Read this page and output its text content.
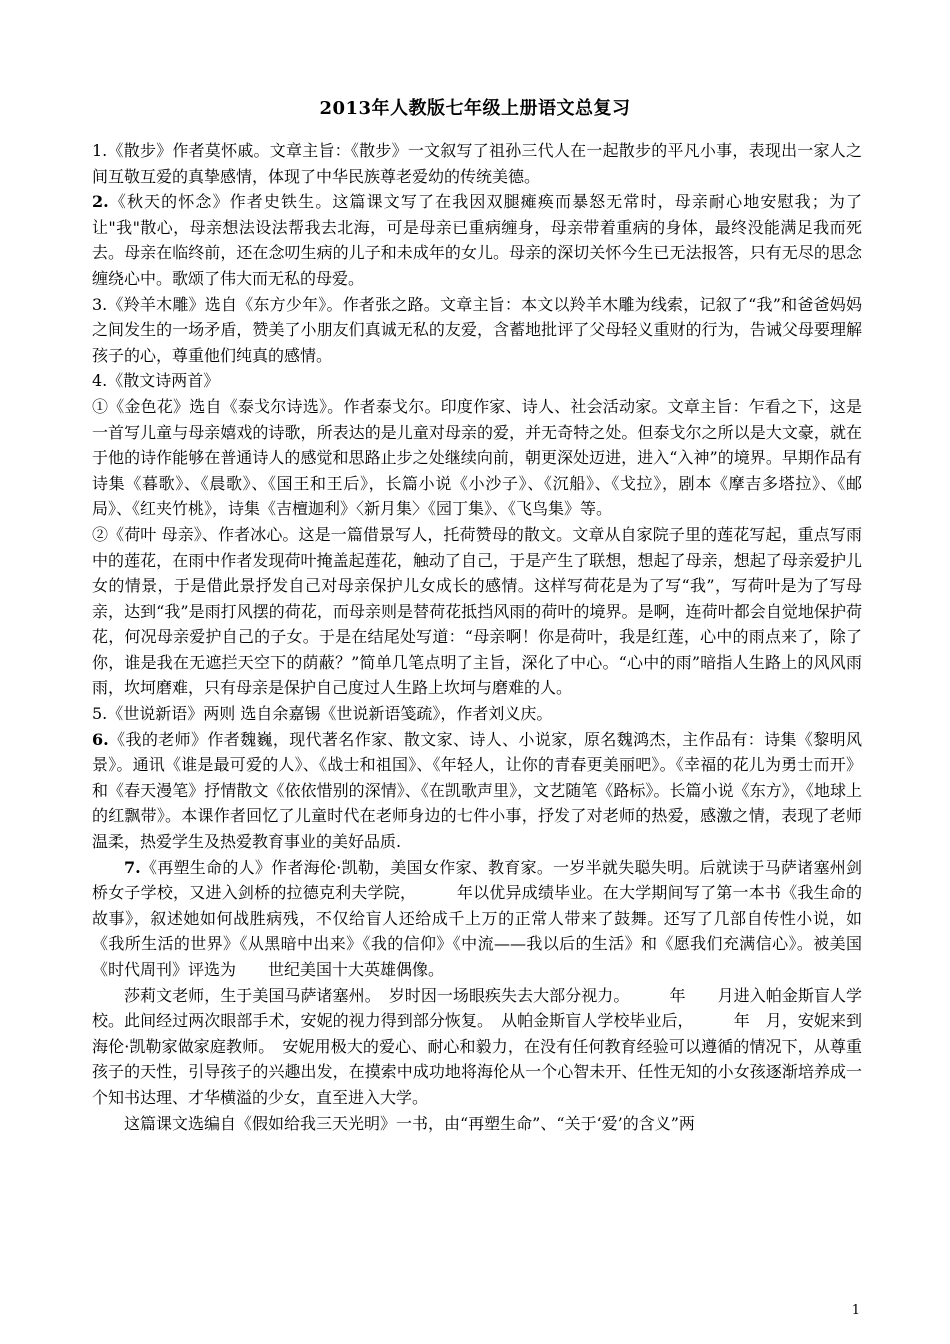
2013年人教版七年级上册语文总复习

1.《散步》作者莫怀戚。文章主旨：《散步》一文叙写了祖孙三代人在一起散步的平凡小事，表现出一家人之间互敬互爱的真挚感情，体现了中华民族尊老爱幼的传统美德。

2.《秋天的怀念》作者史铁生。这篇课文写了在我因双腿瘫痪而暴怒无常时，母亲耐心地安慰我；为了让"我"散心，母亲想法设法帮我去北海，可是母亲已重病缠身，母亲带着重病的身体，最终没能满足我而死去。母亲在临终前，还在念叨生病的儿子和未成年的女儿。母亲的深切关怀今生已无法报答，只有无尽的思念缠绕心中。歌颂了伟大而无私的母爱。

3.《羚羊木雕》选自《东方少年》。作者张之路。文章主旨：本文以羚羊木雕为线索，记叙了“我”和爸爸妈妈之间发生的一场矛盾，赞美了小朋友们真诚无私的友爱，含蓄地批评了父母轻义重财的行为，告诫父母要理解孩子的心，尊重他们纯真的感情。

4.《散文诗两首》

①《金色花》选自《泰戈尔诗选》。作者泰戈尔。印度作家、诗人、社会活动家。文章主旨：乍看之下，这是一首写儿童与母亲嬉戏的诗歌，所表达的是儿童对母亲的爱，并无奇特之处。但泰戈尔之所以是大文豪，就在于他的诗作能够在普通诗人的感觉和思路止步之处继续向前，朝更深处迈进，进入“入神”的境界。早期作品有诗集《暮歌》、《晨歌》、《国王和王后》，长篇小说《小沙子》、《沉船》、《戈拉》，剧本《摩吉多塔拉》、《邮局》、《红夹竹桃》，诗集《吉檀迦利》〈新月集〉《园丁集》、《飞鸟集》等。

②《荷叶 母亲》、作者冰心。这是一篇借景写人，托荷赞母的散文。文章从自家院子里的莲花写起，重点写雨中的莲花，在雨中作者发现荷叶掩盖起莲花，触动了自己，于是产生了联想，想起了母亲，想起了母亲爱护儿女的情景，于是借此景抒发自己对母亲保护儿女成长的感情。这样写荷花是为了写“我”，写荷叶是为了写母亲，达到“我”是雨打风摆的荷花，而母亲则是替荷花抵挡风雨的荷叶的境界。是啊，连荷叶都会自觉地保护荷花，何况母亲爱护自己的子女。于是在结尾处写道：“母亲啊！你是荷叶，我是红莲，心中的雨点来了，除了你，谁是我在无遮拦天空下的荫蔽？”简单几笔点明了主旨，深化了中心。“心中的雨”暗指人生路上的风风雨雨，坎坷磨难，只有母亲是保护自己度过人生路上坎坷与磨难的人。

5.《世说新语》两则 选自余嘉锡《世说新语笺疏》，作者刘义庆。

6.《我的老师》作者魏巍，现代著名作家、散文家、诗人、小说家，原名魏鸿杰，主作品有：诗集《黎明风景》。通讯《谁是最可爱的人》、《战士和祖国》、《年轻人，让你的青春更美丽吧》。《幸福的花儿为勇士而开》和《春天漫笔》抒情散文《依依惜别的深情》、《在凯歌声里》，文艺随笔《路标》。长篇小说《东方》，《地球上的红飘带》。本课作者回忆了儿童时代在老师身边的七件小事，抒发了对老师的热爱，感激之情，表现了老师温柔，热爱学生及热爱教育事业的美好品质.

7.《再塑生命的人》作者海伦·凯勒，美国女作家、教育家。一岁半就失聪失明。后就读于马萨诸塞州剑桥女子学校，又进入剑桥的拉德克利夫学院，　　　年以优异成绩毕业。在大学期间写了第一本书《我生命的故事》，叙述她如何战胜病残，不仅给盲人还给成千上万的正常人带来了鼓舞。还写了几部自传性小说，如《我所生活的世界》《从黑暗中出来》《我的信仰》《中流——我以后的生活》和《愿我们充满信心》。被美国《时代周刊》评选为　　世纪美国十大英雄偶像。

莎莉文老师，生于美国马萨诸塞州。　岁时因一场眼疾失去大部分视力。　　　年　　月进入帕金斯盲人学校。此间经过两次眼部手术，安妮的视力得到部分恢复。　从帕金斯盲人学校毕业后，　　　年　月，安妮来到海伦·凯勒家做家庭教师。　安妮用极大的爱心、耐心和毅力，在没有任何教育经验可以遵循的情况下，从尊重孩子的天性，引导孩子的兴趣出发，在摸索中成功地将海伦从一个心智未开、任性无知的小女孩逐渐培养成一个知书达理、才华横溢的少女，直至进入大学。

这篇课文选编自《假如给我三天光明》一书，由“再塑生命”、“关于‘爱’的含义”两

1
